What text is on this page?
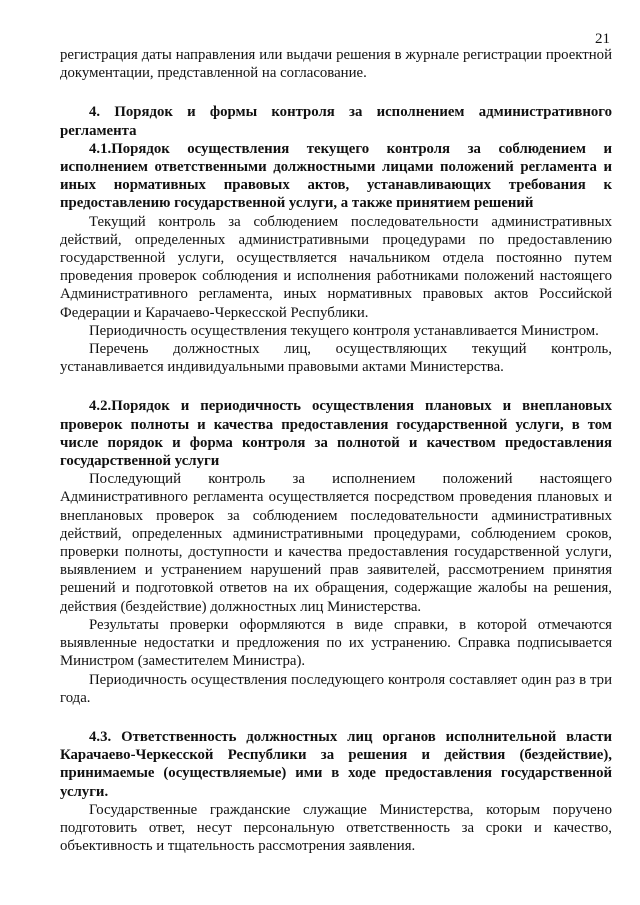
21

регистрация даты направления или выдачи решения в журнале регистрации проектной документации, представленной на согласование.

4. Порядок и формы контроля за исполнением административного регламента

4.1.Порядок осуществления текущего контроля за соблюдением и исполнением ответственными должностными лицами положений регламента и иных нормативных правовых актов, устанавливающих требования к предоставлению государственной услуги, а также принятием решений

Текущий контроль за соблюдением последовательности административных действий, определенных административными процедурами по предоставлению государственной услуги, осуществляется начальником отдела постоянно путем проведения проверок соблюдения и исполнения работниками положений настоящего Административного регламента, иных нормативных правовых актов Российской Федерации и Карачаево-Черкесской Республики.

Периодичность осуществления текущего контроля устанавливается Министром.

Перечень должностных лиц, осуществляющих текущий контроль, устанавливается индивидуальными правовыми актами Министерства.

4.2.Порядок и периодичность осуществления плановых и внеплановых проверок полноты и качества предоставления государственной услуги, в том числе порядок и форма контроля за полнотой и качеством предоставления государственной услуги

Последующий контроль за исполнением положений настоящего Административного регламента осуществляется посредством проведения плановых и внеплановых проверок за соблюдением последовательности административных действий, определенных административными процедурами, соблюдением сроков, проверки полноты, доступности и качества предоставления государственной услуги, выявлением и устранением нарушений прав заявителей, рассмотрением принятия решений и подготовкой ответов на их обращения, содержащие жалобы на решения, действия (бездействие) должностных лиц Министерства.

Результаты проверки оформляются в виде справки, в которой отмечаются выявленные недостатки и предложения по их устранению. Справка подписывается Министром (заместителем Министра).

Периодичность осуществления последующего контроля составляет один раз в три года.

4.3. Ответственность должностных лиц органов исполнительной власти Карачаево-Черкесской Республики за решения и действия (бездействие), принимаемые (осуществляемые) ими в ходе предоставления государственной услуги.

Государственные гражданские служащие Министерства, которым поручено подготовить ответ, несут персональную ответственность за сроки и качество, объективность и тщательность рассмотрения заявления.
